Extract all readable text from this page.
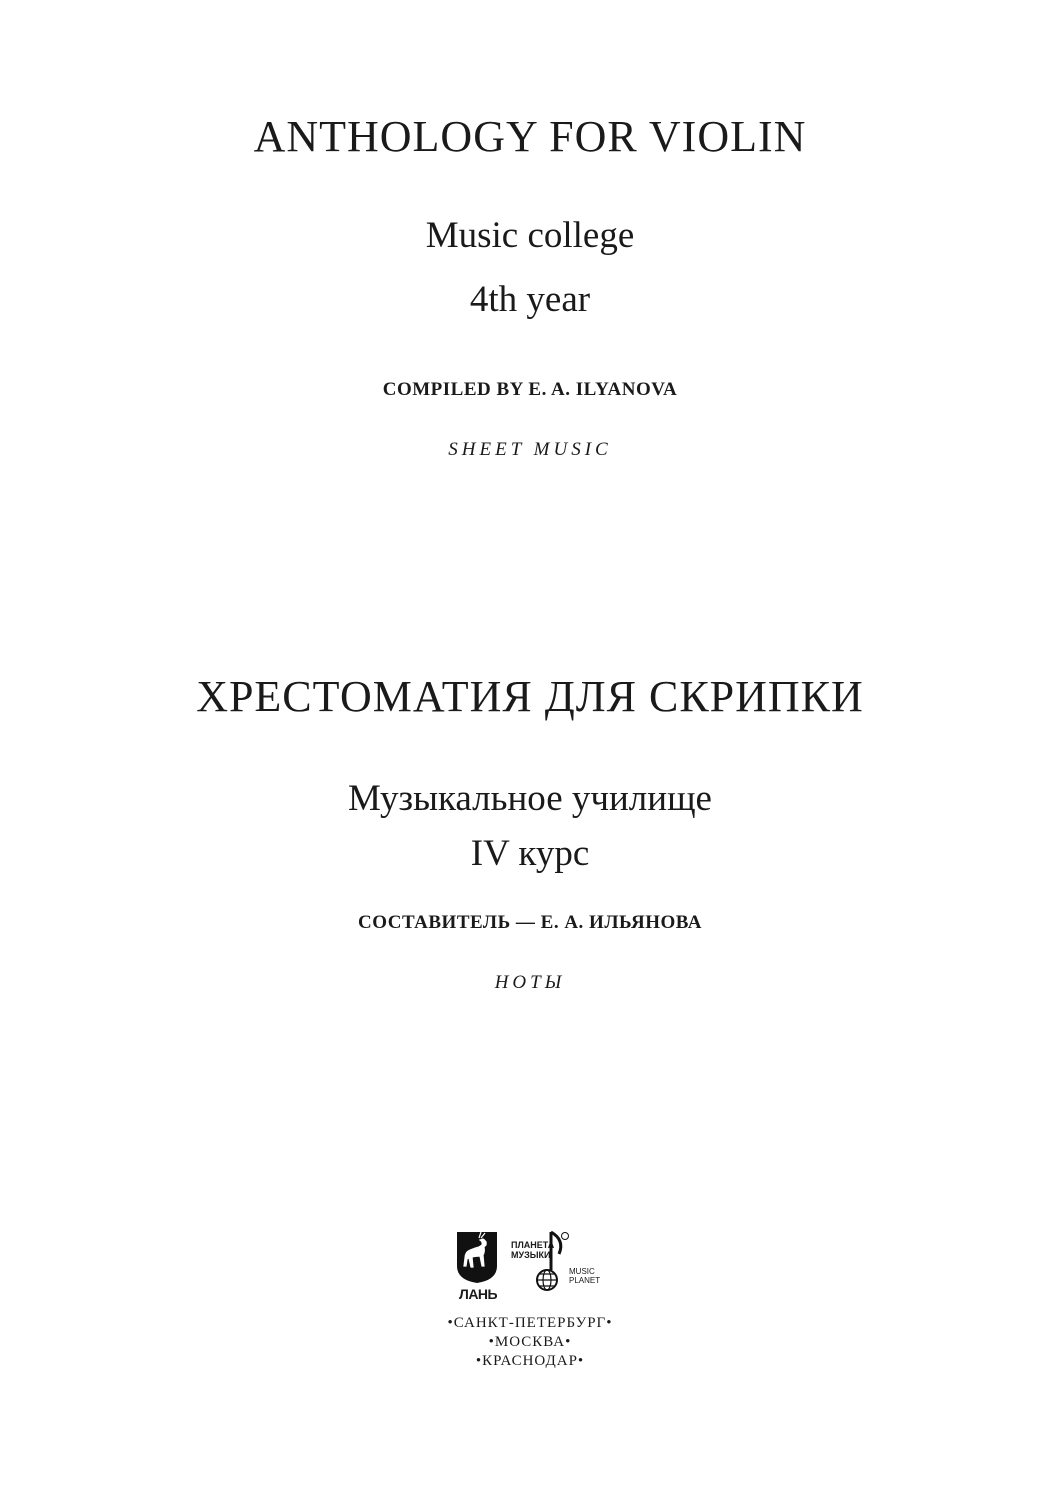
ANTHOLOGY FOR VIOLIN
Music college
4th year
COMPILED BY E. A. ILYANOVA
SHEET MUSIC
ХРЕСТОМАТИЯ ДЛЯ СКРИПКИ
Музыкальное училище
IV курс
СОСТАВИТЕЛЬ — Е. А. ИЛЬЯНОВА
НОТЫ
ЛАНЬ
ПЛАНЕТА
МУЗЫКИ
MUSIC
PLANET
•САНКТ-ПЕТЕРБУРГ•
•МОСКВА•
•КРАСНОДАР•
